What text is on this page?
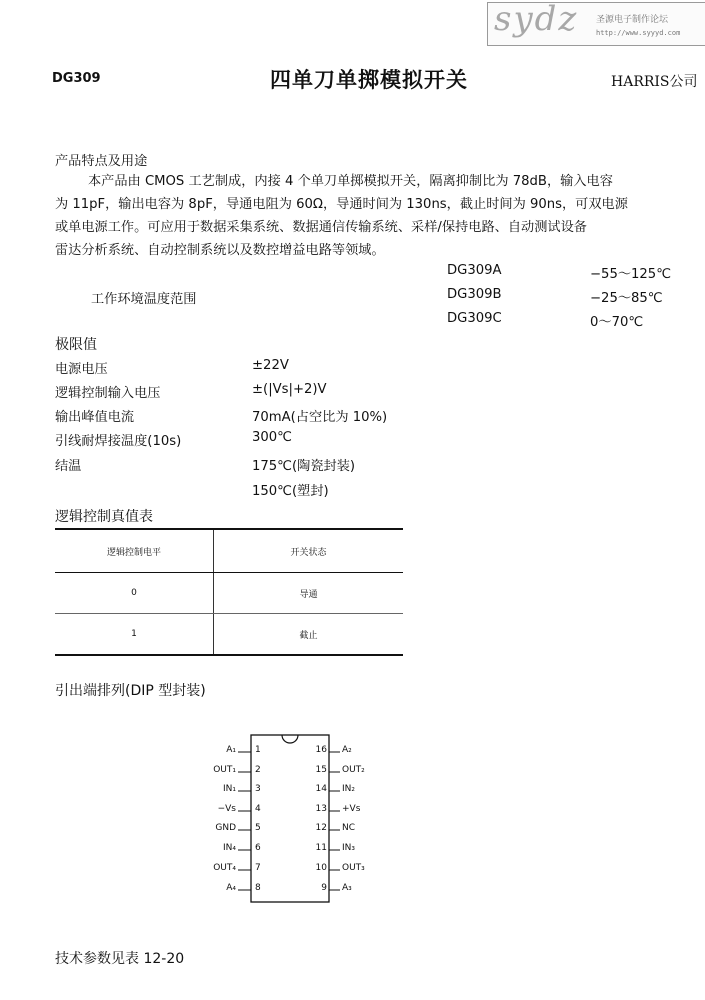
sydz 圣源电子制作论坛
http://www.syyyd.com
DG309	四单刀单掷模拟开关	HARRIS公司
产品特点及用途
本产品由 CMOS 工艺制成，内接 4 个单刀单掷模拟开关，隔离抑制比为 78dB，输入电容
为 11pF，输出电容为 8pF，导通电阻为 60Ω，导通时间为 130ns，截止时间为 90ns，可双电源
或单电源工作。可应用于数据采集系统、数据通信传输系统、采样/保持电路、自动测试设备
雷达分析系统、自动控制系统以及数控增益电路等领域。
工作环境温度范围
DG309A	−55～125℃
DG309B	−25～85℃
DG309C	0～70℃
极限值
电源电压	±22V
逻辑控制输入电压	±(|Vs|+2)V
输出峰值电流	70mA(占空比为 10%)
引线耐焊接温度(10s)	300℃
结温	175℃(陶瓷封装)
150℃(塑封)
逻辑控制真值表
逻辑控制电平	开关状态
0	导通
1	截止
引出端排列(DIP 型封装)
A₁ 1
OUT₁ 2
IN₁ 3
−Vs 4
GND 5
IN₄ 6
OUT₄ 7
A₄ 8
16 A₂
15 OUT₂
14 IN₂
13 +Vs
12 NC
11 IN₃
10 OUT₃
9 A₃
技术参数见表 12-20
